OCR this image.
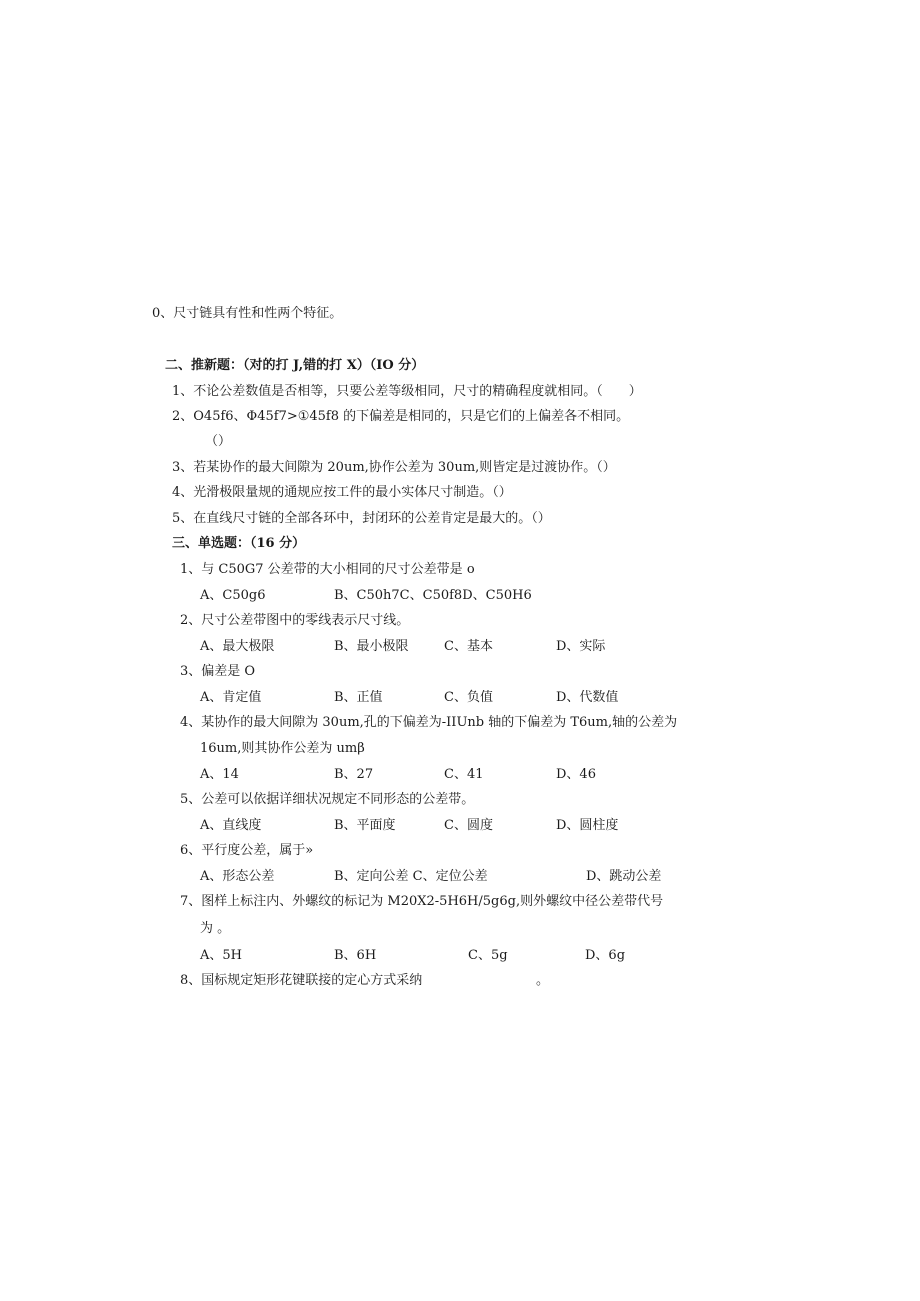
0、尺寸链具有性和性两个特征。
二、推新题：（对的打 J,错的打 X）（IO 分）
1、不论公差数值是否相等，只要公差等级相同，尺寸的精确程度就相同。（　　）
2、O45f6、Φ45f7>①45f8 的下偏差是相同的，只是它们的上偏差各不相同。
（）
3、若某协作的最大间隙为 20um,协作公差为 30um,则皆定是过渡协作。（）
4、光滑极限量规的通规应按工件的最小实体尺寸制造。（）
5、在直线尺寸链的全部各环中，封闭环的公差肯定是最大的。（）
三、单选题：（16 分）
1、与 C50G7 公差带的大小相同的尺寸公差带是 o
A、C50g6	B、C50h7C、C50f8D、C50H6
2、尺寸公差带图中的零线表示尺寸线。
A、最大极限	B、最小极限	C、基本	D、实际
3、偏差是 O
A、肯定值	B、正值	C、负值	D、代数值
4、某协作的最大间隙为 30um,孔的下偏差为-IIUnb 轴的下偏差为 T6um,轴的公差为
16um,则其协作公差为 umβ
A、14	B、27	C、41	D、46
5、公差可以依据详细状况规定不同形态的公差带。
A、直线度	B、平面度	C、圆度	D、圆柱度
6、平行度公差，属于»
A、形态公差	B、定向公差 C、定位公差	D、跳动公差
7、图样上标注内、外螺纹的标记为 M20X2-5H6H∕5g6g,则外螺纹中径公差带代号
为 。
A、5H	B、6H	C、5g	D、6g
8、国标规定矩形花键联接的定心方式采纳	。
